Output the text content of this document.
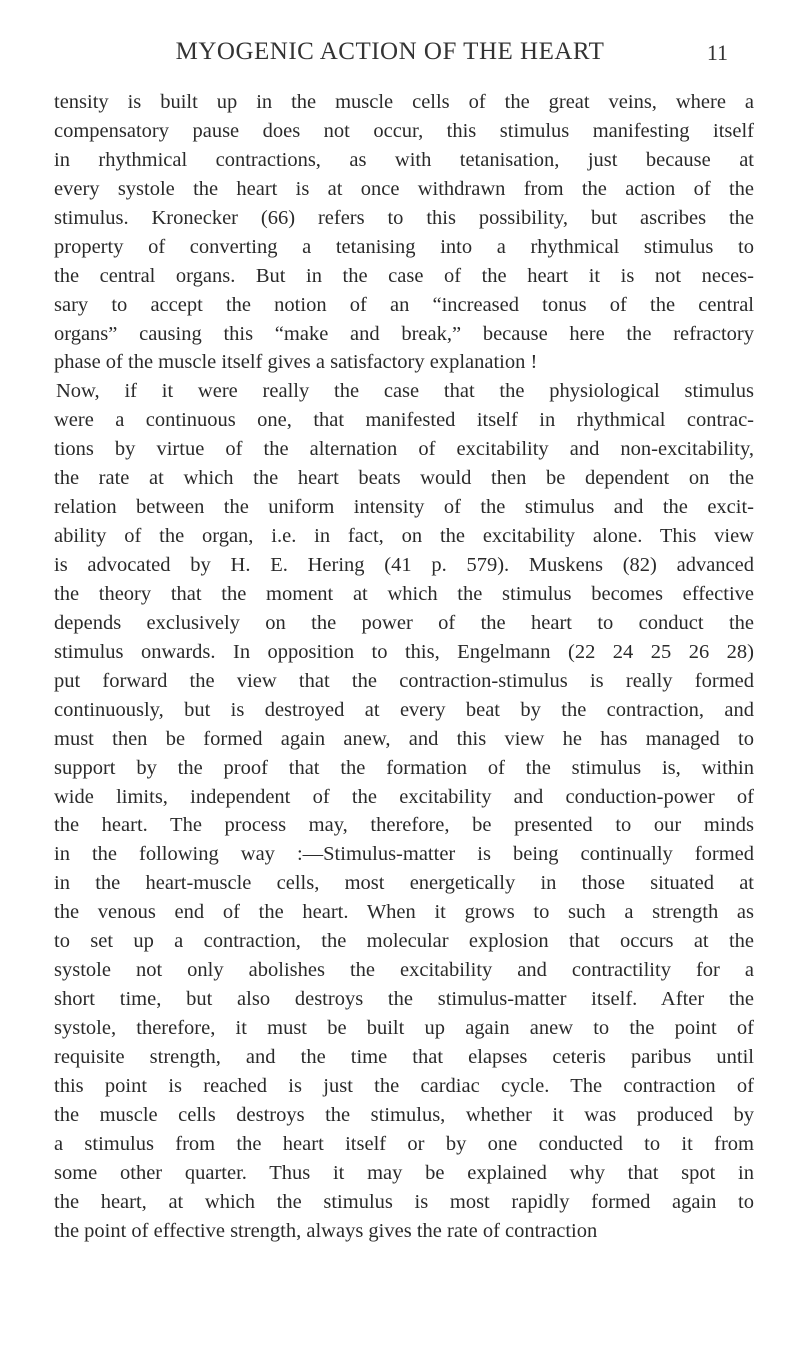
MYOGENIC ACTION OF THE HEART	11
tensity is built up in the muscle cells of the great veins, where a
compensatory pause does not occur, this stimulus manifesting itself
in rhythmical contractions, as with tetanisation, just because at
every systole the heart is at once withdrawn from the action of the
stimulus. Kronecker (66) refers to this possibility, but ascribes the
property of converting a tetanising into a rhythmical stimulus to
the central organs. But in the case of the heart it is not neces-
sary to accept the notion of an “increased tonus of the central
organs” causing this “make and break,” because here the refractory
phase of the muscle itself gives a satisfactory explanation !
Now, if it were really the case that the physiological stimulus
were a continuous one, that manifested itself in rhythmical contrac-
tions by virtue of the alternation of excitability and non-excitability,
the rate at which the heart beats would then be dependent on the
relation between the uniform intensity of the stimulus and the excit-
ability of the organ, i.e. in fact, on the excitability alone. This view
is advocated by H. E. Hering (41 p. 579). Muskens (82) advanced
the theory that the moment at which the stimulus becomes effective
depends exclusively on the power of the heart to conduct the
stimulus onwards. In opposition to this, Engelmann (22 24 25 26 28)
put forward the view that the contraction-stimulus is really formed
continuously, but is destroyed at every beat by the contraction, and
must then be formed again anew, and this view he has managed to
support by the proof that the formation of the stimulus is, within
wide limits, independent of the excitability and conduction-power of
the heart. The process may, therefore, be presented to our minds
in the following way :—Stimulus-matter is being continually formed
in the heart-muscle cells, most energetically in those situated at
the venous end of the heart. When it grows to such a strength as
to set up a contraction, the molecular explosion that occurs at the
systole not only abolishes the excitability and contractility for a
short time, but also destroys the stimulus-matter itself. After the
systole, therefore, it must be built up again anew to the point of
requisite strength, and the time that elapses ceteris paribus until
this point is reached is just the cardiac cycle. The contraction of
the muscle cells destroys the stimulus, whether it was produced by
a stimulus from the heart itself or by one conducted to it from
some other quarter. Thus it may be explained why that spot in
the heart, at which the stimulus is most rapidly formed again to
the point of effective strength, always gives the rate of contraction
